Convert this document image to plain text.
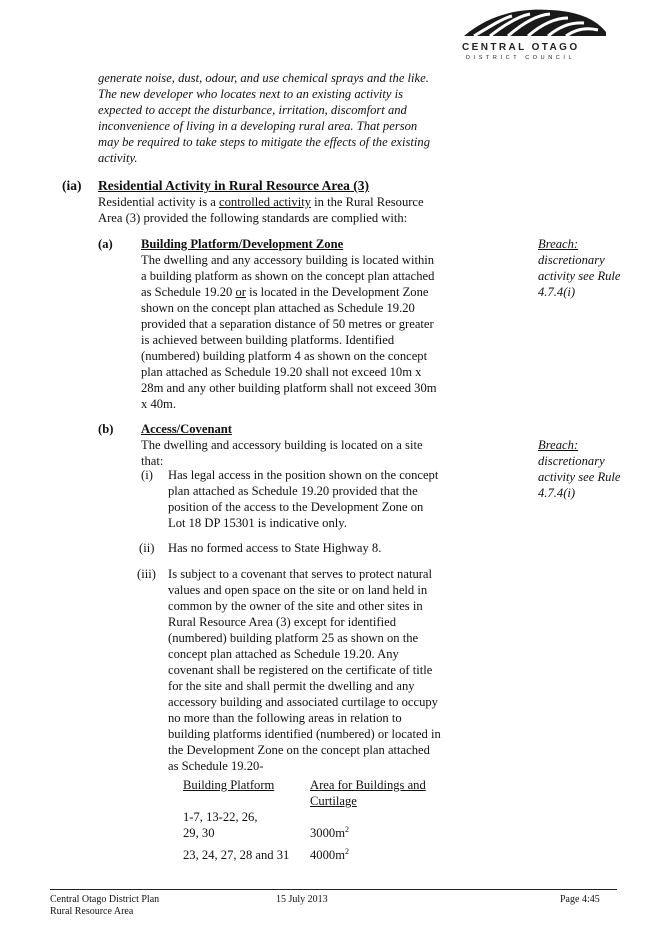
CENTRAL OTAGO
DISTRICT COUNCIL
generate noise, dust, odour, and use chemical sprays and the like.
The new developer who locates next to an existing activity is
expected to accept the disturbance, irritation, discomfort and
inconvenience of living in a developing rural area. That person
may be required to take steps to mitigate the effects of the existing
activity.
(ia) Residential Activity in Rural Resource Area (3)
Residential activity is a controlled activity in the Rural Resource
Area (3) provided the following standards are complied with:
(a) Building Platform/Development Zone
The dwelling and any accessory building is located within
a building platform as shown on the concept plan attached
as Schedule 19.20 or is located in the Development Zone
shown on the concept plan attached as Schedule 19.20
provided that a separation distance of 50 metres or greater
is achieved between building platforms. Identified
(numbered) building platform 4 as shown on the concept
plan attached as Schedule 19.20 shall not exceed 10m x
28m and any other building platform shall not exceed 30m
x 40m.
Breach:
discretionary
activity see Rule
4.7.4(i)
(b) Access/Covenant
The dwelling and accessory building is located on a site
that:
Breach:
discretionary
activity see Rule
4.7.4(i)
(i) Has legal access in the position shown on the concept
plan attached as Schedule 19.20 provided that the
position of the access to the Development Zone on
Lot 18 DP 15301 is indicative only.
(ii) Has no formed access to State Highway 8.
(iii) Is subject to a covenant that serves to protect natural
values and open space on the site or on land held in
common by the owner of the site and other sites in
Rural Resource Area (3) except for identified
(numbered) building platform 25 as shown on the
concept plan attached as Schedule 19.20. Any
covenant shall be registered on the certificate of title
for the site and shall permit the dwelling and any
accessory building and associated curtilage to occupy
no more than the following areas in relation to
building platforms identified (numbered) or located in
the Development Zone on the concept plan attached
as Schedule 19.20-
Building Platform	Area for Buildings and
Curtilage
1-7, 13-22, 26,
29, 30	$3000m^2$
23, 24, 27, 28 and 31 $4000m^2$
Central Otago District Plan
Rural Resource Area
15 July 2013	Page 4:45
